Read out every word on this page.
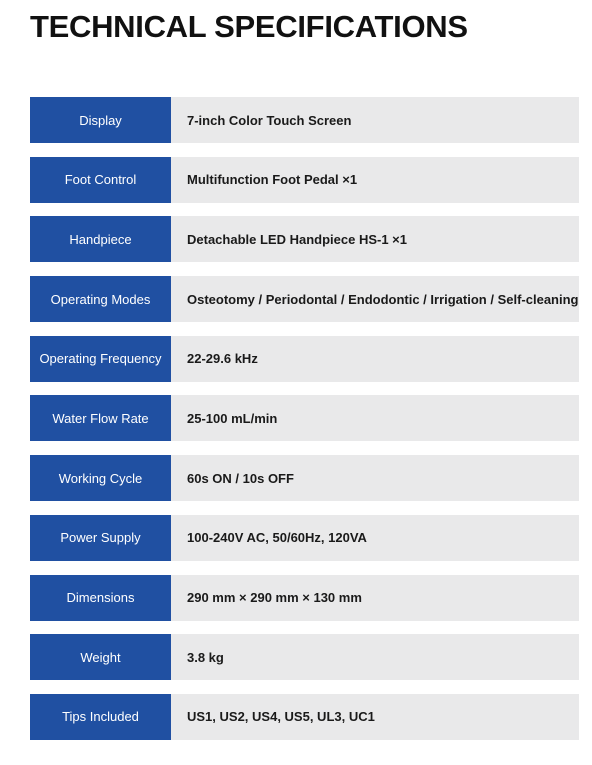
TECHNICAL SPECIFICATIONS
Display	7-inch Color Touch Screen
Foot Control	Multifunction Foot Pedal ×1
Handpiece	Detachable LED Handpiece HS-1 ×1
Operating Modes	Osteotomy / Periodontal / Endodontic / Irrigation / Self-cleaning
Operating Frequency	22-29.6 kHz
Water Flow Rate	25-100 mL/min
Working Cycle	60s ON / 10s OFF
Power Supply	100-240V AC, 50/60Hz, 120VA
Dimensions	290 mm × 290 mm × 130 mm
Weight	3.8 kg
Tips Included	US1, US2, US4, US5, UL3, UC1
